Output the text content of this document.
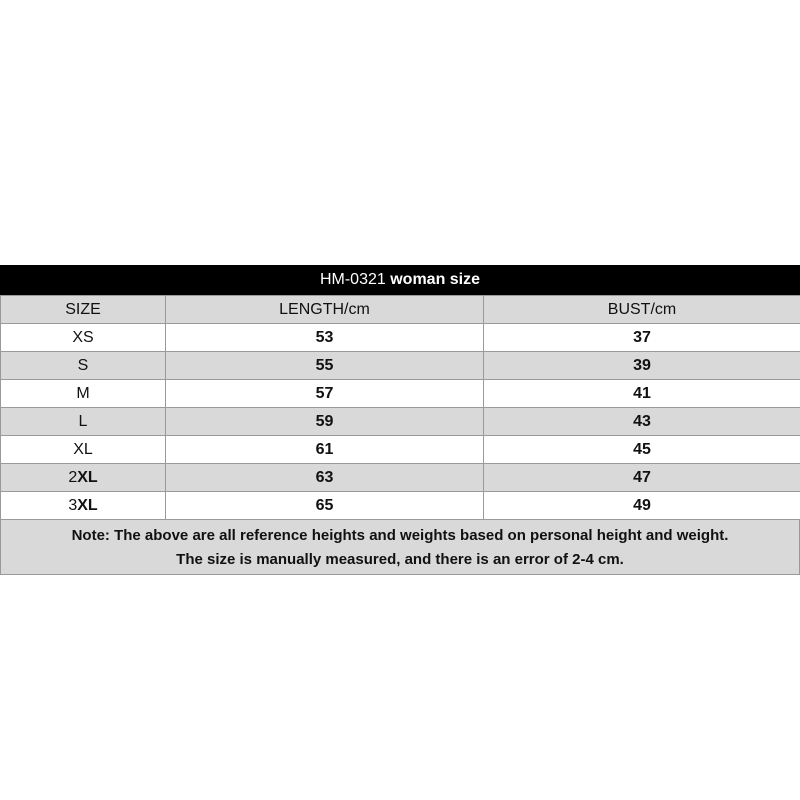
HM-0321 woman size
SIZE	LENGTH/cm	BUST/cm
XS	53	37
S	55	39
M	57	41
L	59	43
XL	61	45
2XL	63	47
3XL	65	49
Note: The above are all reference heights and weights based on personal height and weight.
The size is manually measured, and there is an error of 2-4 cm.
